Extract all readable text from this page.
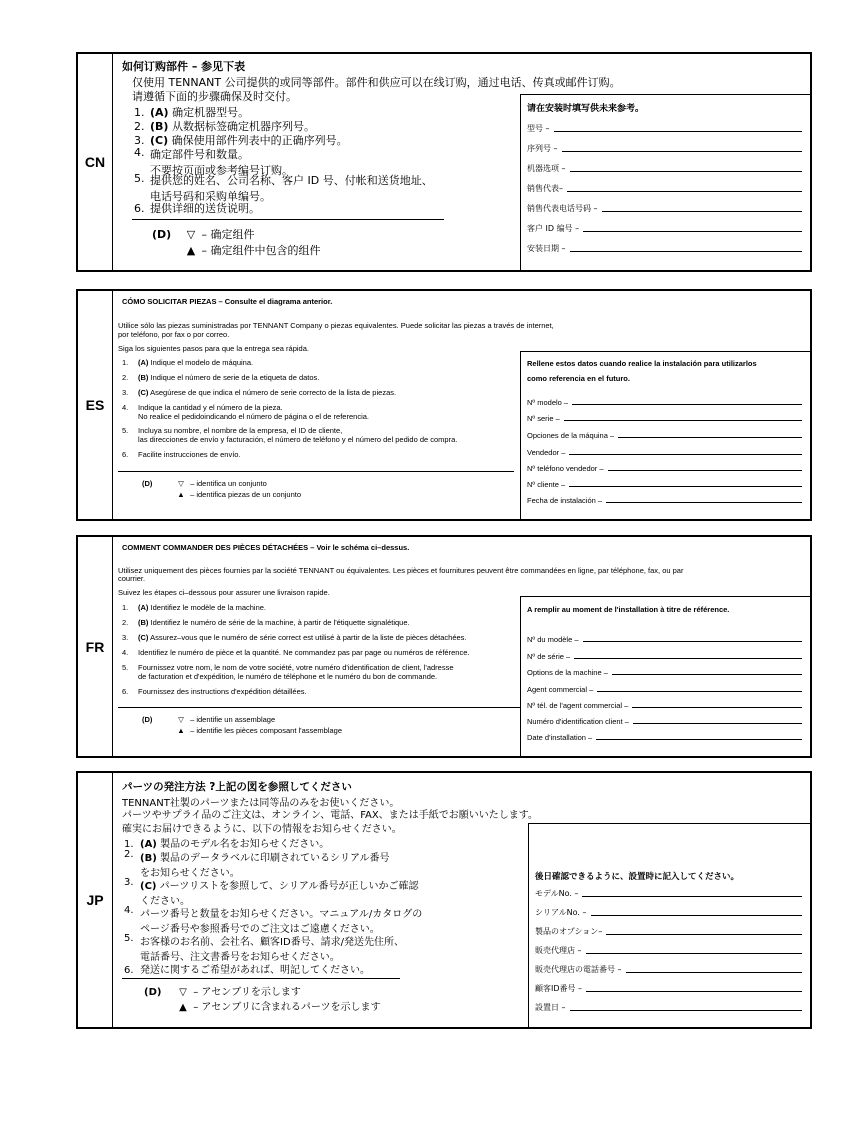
CN
如何订购部件 – 参见下表
仅使用 TENNANT 公司提供的或同等部件。部件和供应可以在线订购，通过电话、传真或邮件订购。
请遵循下面的步骤确保及时交付。
1. (A) 确定机器型号。
2. (B) 从数据标签确定机器序列号。
3. (C) 确保使用部件列表中的正确序列号。
4. 确定部件号和数量。
不要按页面或参考编号订购。
5. 提供您的姓名、公司名称、客户 ID 号、付帐和送货地址、
电话号码和采购单编号。
6. 提供详细的送货说明。
(D) ▽ – 确定组件
▲ – 确定组件中包含的组件
请在安装时填写供未来参考。
型号 –
序列号 –
机器选项 –
销售代表–
销售代表电话号码 –
客户 ID 编号 –
安装日期 –
ES
CÓMO SOLICITAR PIEZAS – Consulte el diagrama anterior.
Utilice sólo las piezas suministradas por TENNANT Company o piezas equivalentes. Puede solicitar las piezas a través de internet,
por teléfono, por fax o por correo.
Siga los siguientes pasos para que la entrega sea rápida.
1. (A) Indique el modelo de máquina.
2. (B) Indique el número de serie de la etiqueta de datos.
3. (C) Asegúrese de que indica el número de serie correcto de la lista de piezas.
4. Indique la cantidad y el número de la pieza.
No realice el pedidoindicando el número de página o el de referencia.
5. Incluya su nombre, el nombre de la empresa, el ID de cliente,
las direcciones de envío y facturación, el número de teléfono y el número del pedido de compra.
6. Facilite instrucciones de envío.
(D)	▽ – identifica un conjunto
▲ – identifica piezas de un conjunto
Rellene estos datos cuando realice la instalación para utilizarlos
como referencia en el futuro.
Nº modelo –
Nº serie –
Opciones de la máquina –
Vendedor –
Nº teléfono vendedor –
Nº cliente –
Fecha de instalación –
FR
COMMENT COMMANDER DES PIÈCES DÉTACHÉES – Voir le schéma ci–dessus.
Utilisez uniquement des pièces fournies par la société TENNANT ou équivalentes. Les pièces et fournitures peuvent être commandées en ligne, par téléphone, fax, ou par
courrier.
Suivez les étapes ci–dessous pour assurer une livraison rapide.
1. (A) Identifiez le modèle de la machine.
2. (B) Identifiez le numéro de série de la machine, à partir de l'étiquette signalétique.
3. (C) Assurez–vous que le numéro de série correct est utilisé à partir de la liste de pièces détachées.
4. Identifiez le numéro de pièce et la quantité. Ne commandez pas par page ou numéros de référence.
5. Fournissez votre nom, le nom de votre société, votre numéro d'identification de client, l'adresse
de facturation et d'expédition, le numéro de téléphone et le numéro du bon de commande.
6. Fournissez des instructions d'expédition détaillées.
(D)	▽ – identifie un assemblage
▲ – identifie les pièces composant l'assemblage
A remplir au moment de l'installation à titre de référence.
Nº du modèle –
Nº de série –
Options de la machine –
Agent commercial –
Nº tél. de l'agent commercial –
Numéro d'identification client –
Date d'installation –
JP
パーツの発注方法 ?上記の図を参照してください
TENNANT社製のパーツまたは同等品のみをお使いください。
パーツやサプライ品のご注文は、オンライン、電話、FAX、または手紙でお願いいたします。
確実にお届けできるように、以下の情報をお知らせください。
1. (A) 製品のモデル名をお知らせください。
2. (B) 製品のデータラベルに印刷されているシリアル番号
をお知らせください。
3. (C) パーツリストを参照して、シリアル番号が正しいかご確認
ください。
4. パーツ番号と数量をお知らせください。マニュアル/カタログの
ページ番号や参照番号でのご注文はご遠慮ください。
5. お客様のお名前、会社名、顧客ID番号、請求/発送先住所、
電話番号、注文書番号をお知らせください。
6. 発送に関するご希望があれば、明記してください。
(D) ▽ – アセンブリを示します
▲ – アセンブリに含まれるパーツを示します
後日確認できるように、設置時に記入してください。
モデルNo. –
シリアルNo. –
製品のオプション–
販売代理店 –
販売代理店の電話番号 –
顧客ID番号 –
設置日 –
